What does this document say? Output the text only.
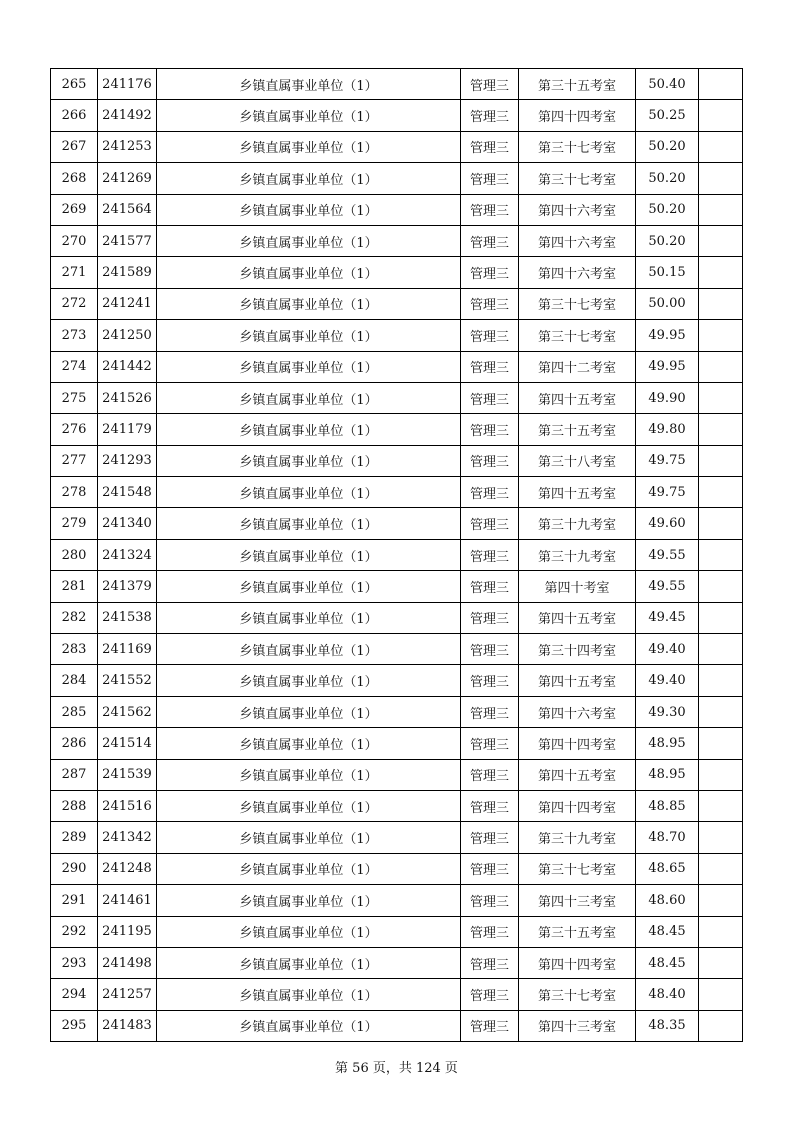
265	241176	乡镇直属事业单位（1）	管理三	第三十五考室	50.40	
266	241492	乡镇直属事业单位（1）	管理三	第四十四考室	50.25	
267	241253	乡镇直属事业单位（1）	管理三	第三十七考室	50.20	
268	241269	乡镇直属事业单位（1）	管理三	第三十七考室	50.20	
269	241564	乡镇直属事业单位（1）	管理三	第四十六考室	50.20	
270	241577	乡镇直属事业单位（1）	管理三	第四十六考室	50.20	
271	241589	乡镇直属事业单位（1）	管理三	第四十六考室	50.15	
272	241241	乡镇直属事业单位（1）	管理三	第三十七考室	50.00	
273	241250	乡镇直属事业单位（1）	管理三	第三十七考室	49.95	
274	241442	乡镇直属事业单位（1）	管理三	第四十二考室	49.95	
275	241526	乡镇直属事业单位（1）	管理三	第四十五考室	49.90	
276	241179	乡镇直属事业单位（1）	管理三	第三十五考室	49.80	
277	241293	乡镇直属事业单位（1）	管理三	第三十八考室	49.75	
278	241548	乡镇直属事业单位（1）	管理三	第四十五考室	49.75	
279	241340	乡镇直属事业单位（1）	管理三	第三十九考室	49.60	
280	241324	乡镇直属事业单位（1）	管理三	第三十九考室	49.55	
281	241379	乡镇直属事业单位（1）	管理三	第四十考室	49.55	
282	241538	乡镇直属事业单位（1）	管理三	第四十五考室	49.45	
283	241169	乡镇直属事业单位（1）	管理三	第三十四考室	49.40	
284	241552	乡镇直属事业单位（1）	管理三	第四十五考室	49.40	
285	241562	乡镇直属事业单位（1）	管理三	第四十六考室	49.30	
286	241514	乡镇直属事业单位（1）	管理三	第四十四考室	48.95	
287	241539	乡镇直属事业单位（1）	管理三	第四十五考室	48.95	
288	241516	乡镇直属事业单位（1）	管理三	第四十四考室	48.85	
289	241342	乡镇直属事业单位（1）	管理三	第三十九考室	48.70	
290	241248	乡镇直属事业单位（1）	管理三	第三十七考室	48.65	
291	241461	乡镇直属事业单位（1）	管理三	第四十三考室	48.60	
292	241195	乡镇直属事业单位（1）	管理三	第三十五考室	48.45	
293	241498	乡镇直属事业单位（1）	管理三	第四十四考室	48.45	
294	241257	乡镇直属事业单位（1）	管理三	第三十七考室	48.40	
295	241483	乡镇直属事业单位（1）	管理三	第四十三考室	48.35	
第 56 页，共 124 页
